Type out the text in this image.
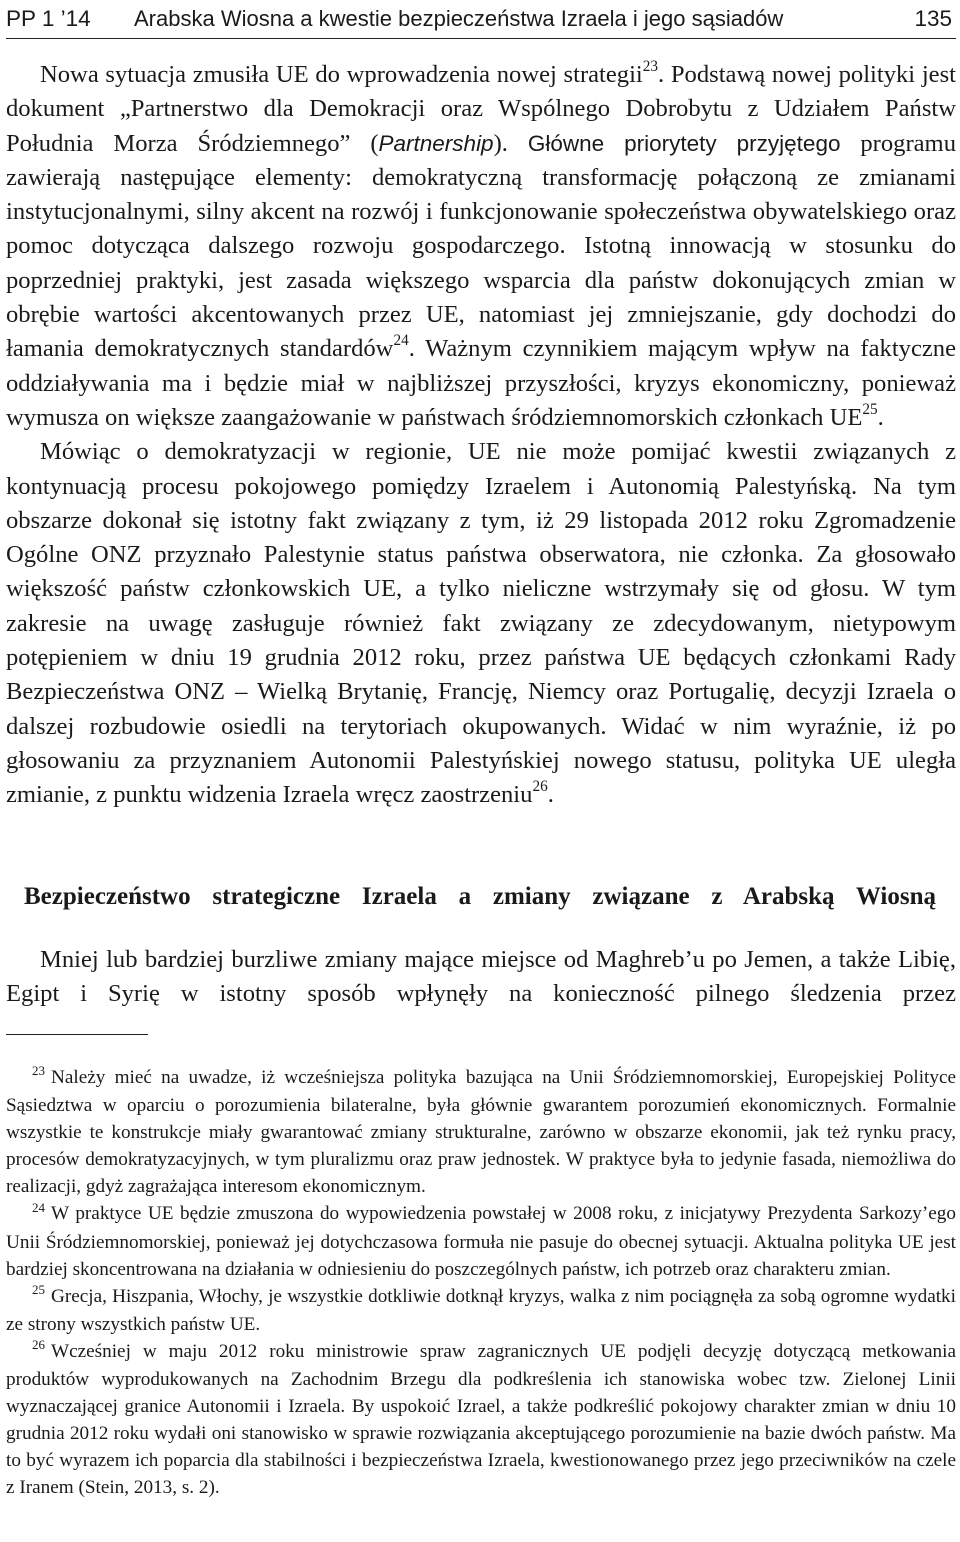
PP 1 ’14 Arabska Wiosna a kwestie bezpieczeństwa Izraela i jego sąsiadów	135

Nowa sytuacja zmusiła UE do wprowadzenia nowej strategii$^{23}$. Podstawą nowej polityki jest dokument „Partnerstwo dla Demokracji oraz Wspólnego Dobrobytu z Udziałem Państw Południa Morza Śródziemnego” (Partnership). Główne priorytety przyjętego programu zawierają następujące elementy: demokratyczną transformację połączoną ze zmianami instytucjonalnymi, silny akcent na rozwój i funkcjonowanie społeczeństwa obywatelskiego oraz pomoc dotycząca dalszego rozwoju gospodarczego. Istotną innowacją w stosunku do poprzedniej praktyki, jest zasada większego wsparcia dla państw dokonujących zmian w obrębie wartości akcentowanych przez UE, natomiast jej zmniejszanie, gdy dochodzi do łamania demokratycznych standardów$^{24}$. Ważnym czynnikiem mającym wpływ na faktyczne oddziaływania ma i będzie miał w najbliższej przyszłości, kryzys ekonomiczny, ponieważ wymusza on większe zaangażowanie w państwach śródziemnomorskich członkach UE$^{25}$.

Mówiąc o demokratyzacji w regionie, UE nie może pomijać kwestii związanych z kontynuacją procesu pokojowego pomiędzy Izraelem i Autonomią Palestyńską. Na tym obszarze dokonał się istotny fakt związany z tym, iż 29 listopada 2012 roku Zgromadzenie Ogólne ONZ przyznało Palestynie status państwa obserwatora, nie członka. Za głosowało większość państw członkowskich UE, a tylko nieliczne wstrzymały się od głosu. W tym zakresie na uwagę zasługuje również fakt związany ze zdecydowanym, nietypowym potępieniem w dniu 19 grudnia 2012 roku, przez państwa UE będących członkami Rady Bezpieczeństwa ONZ – Wielką Brytanię, Francję, Niemcy oraz Portugalię, decyzji Izraela o dalszej rozbudowie osiedli na terytoriach okupowanych. Widać w nim wyraźnie, iż po głosowaniu za przyznaniem Autonomii Palestyńskiej nowego statusu, polityka UE uległa zmianie, z punktu widzenia Izraela wręcz zaostrzeniu$^{26}$.

Bezpieczeństwo strategiczne Izraela a zmiany związane z Arabską Wiosną

Mniej lub bardziej burzliwe zmiany mające miejsce od Maghreb’u po Jemen, a także Libię, Egipt i Syrię w istotny sposób wpłynęły na konieczność pilnego śledzenia przez

$^{23}$ Należy mieć na uwadze, iż wcześniejsza polityka bazująca na Unii Śródziemnomorskiej, Europejskiej Polityce Sąsiedztwa w oparciu o porozumienia bilateralne, była głównie gwarantem porozumień ekonomicznych. Formalnie wszystkie te konstrukcje miały gwarantować zmiany strukturalne, zarówno w obszarze ekonomii, jak też rynku pracy, procesów demokratyzacyjnych, w tym pluralizmu oraz praw jednostek. W praktyce była to jedynie fasada, niemożliwa do realizacji, gdyż zagrażająca interesom ekonomicznym.

$^{24}$ W praktyce UE będzie zmuszona do wypowiedzenia powstałej w 2008 roku, z inicjatywy Prezydenta Sarkozy’ego Unii Śródziemnomorskiej, ponieważ jej dotychczasowa formuła nie pasuje do obecnej sytuacji. Aktualna polityka UE jest bardziej skoncentrowana na działania w odniesieniu do poszczególnych państw, ich potrzeb oraz charakteru zmian.

$^{25}$ Grecja, Hiszpania, Włochy, je wszystkie dotkliwie dotknął kryzys, walka z nim pociągnęła za sobą ogromne wydatki ze strony wszystkich państw UE.

$^{26}$ Wcześniej w maju 2012 roku ministrowie spraw zagranicznych UE podjęli decyzję dotyczącą metkowania produktów wyprodukowanych na Zachodnim Brzegu dla podkreślenia ich stanowiska wobec tzw. Zielonej Linii wyznaczającej granice Autonomii i Izraela. By uspokoić Izrael, a także podkreślić pokojowy charakter zmian w dniu 10 grudnia 2012 roku wydałi oni stanowisko w sprawie rozwiązania akceptującego porozumienie na bazie dwóch państw. Ma to być wyrazem ich poparcia dla stabilności i bezpieczeństwa Izraela, kwestionowanego przez jego przeciwników na czele z Iranem (Stein, 2013, s. 2).
